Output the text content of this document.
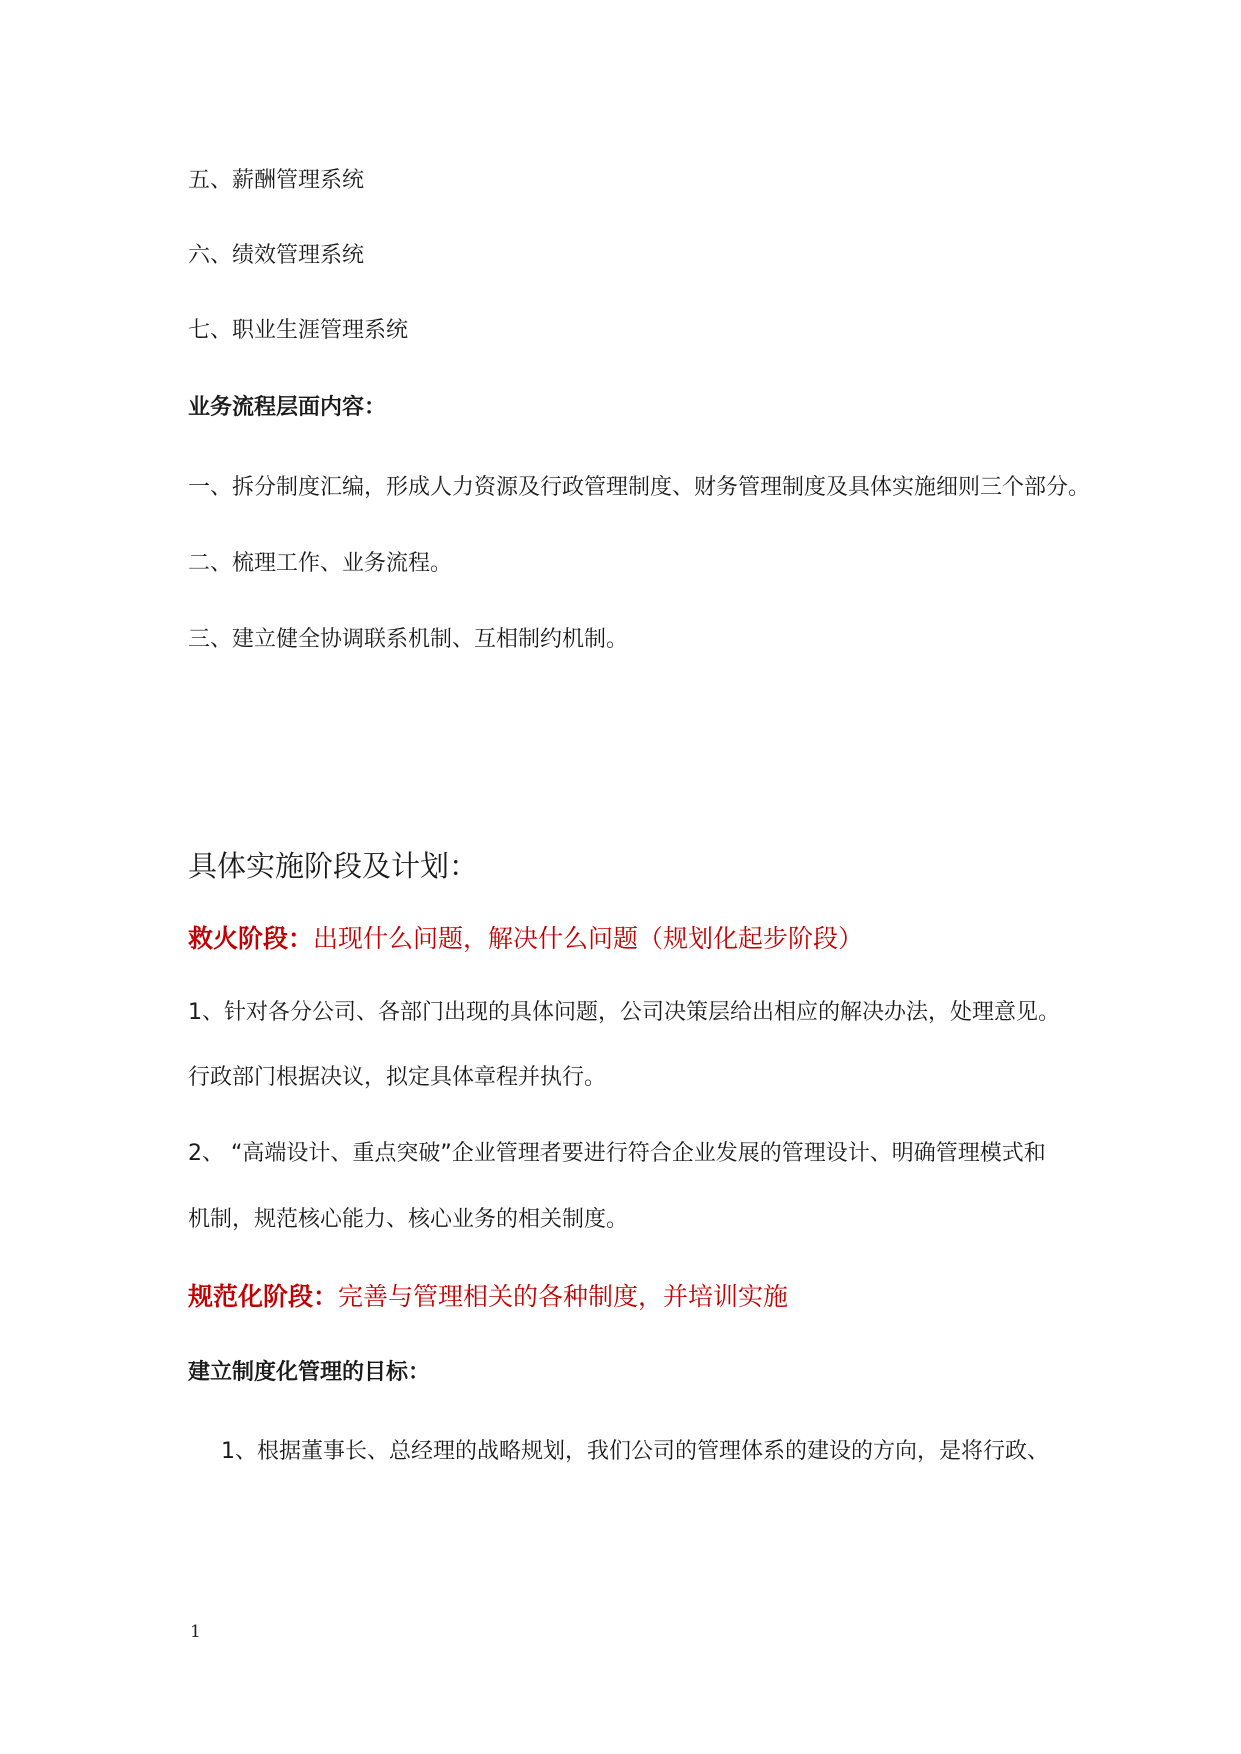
五、薪酬管理系统
六、绩效管理系统
七、职业生涯管理系统
业务流程层面内容：
一、拆分制度汇编，形成人力资源及行政管理制度、财务管理制度及具体实施细则三个部分。
二、梳理工作、业务流程。
三、建立健全协调联系机制、互相制约机制。
具体实施阶段及计划：
救火阶段：出现什么问题，解决什么问题（规划化起步阶段）
1、针对各分公司、各部门出现的具体问题，公司决策层给出相应的解决办法，处理意见。
行政部门根据决议，拟定具体章程并执行。
2、 “高端设计、重点突破”企业管理者要进行符合企业发展的管理设计、明确管理模式和
机制，规范核心能力、核心业务的相关制度。
规范化阶段：完善与管理相关的各种制度，并培训实施
建立制度化管理的目标：
1、根据董事长、总经理的战略规划，我们公司的管理体系的建设的方向，是将行政、
1
